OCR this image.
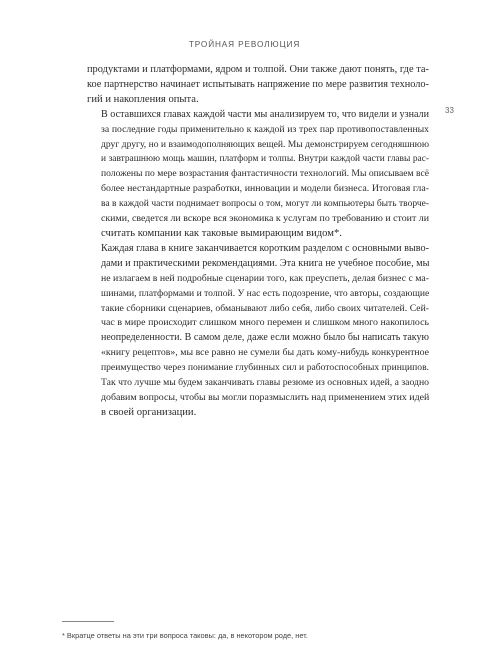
ТРОЙНАЯ РЕВОЛЮЦИЯ
33

продуктами и платформами, ядром и толпой. Они также дают понять, где та-
кое партнерство начинает испытывать напряжение по мере развития техноло-
гий и накопления опыта.

В оставшихся главах каждой части мы анализируем то, что видели и узнали
за последние годы применительно к каждой из трех пар противопоставленных
друг другу, но и взаимодополняющих вещей. Мы демонстрируем сегодняшнюю
и завтрашнюю мощь машин, платформ и толпы. Внутри каждой части главы рас-
положены по мере возрастания фантастичности технологий. Мы описываем всё
более нестандартные разработки, инновации и модели бизнеса. Итоговая гла-
ва в каждой части поднимает вопросы о том, могут ли компьютеры быть творче-
скими, сведется ли вскоре вся экономика к услугам по требованию и стоит ли
считать компании как таковые вымирающим видом*.

Каждая глава в книге заканчивается коротким разделом с основными выво-
дами и практическими рекомендациями. Эта книга не учебное пособие, мы
не излагаем в ней подробные сценарии того, как преуспеть, делая бизнес с ма-
шинами, платформами и толпой. У нас есть подозрение, что авторы, создающие
такие сборники сценариев, обманывают либо себя, либо своих читателей. Сей-
час в мире происходит слишком много перемен и слишком много накопилось
неопределенности. В самом деле, даже если можно было бы написать такую
«книгу рецептов», мы все равно не сумели бы дать кому-нибудь конкурентное
преимущество через понимание глубинных сил и работоспособных принципов.
Так что лучше мы будем заканчивать главы резюме из основных идей, а заодно
добавим вопросы, чтобы вы могли поразмыслить над применением этих идей
в своей организации.

* Вкратце ответы на эти три вопроса таковы: да, в некотором роде, нет.
